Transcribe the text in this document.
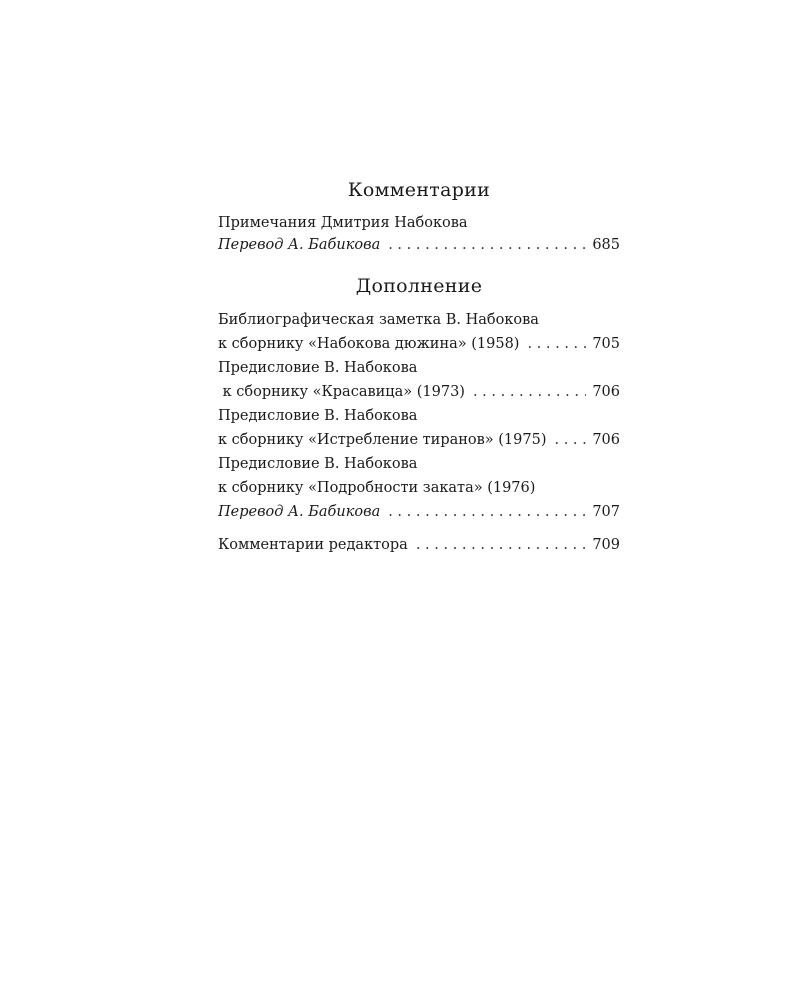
Комментарии
Примечания Дмитрия Набокова
Перевод А. Бабикова . . .	685
Дополнение
Библиографическая заметка В. Набокова
к сборнику «Набокова дюжина» (1958) . . .	705
Предисловие В. Набокова
к сборнику «Красавица» (1973) . . .	706
Предисловие В. Набокова
к сборнику «Истребление тиранов» (1975) . . .	706
Предисловие В. Набокова
к сборнику «Подробности заката» (1976)
Перевод А. Бабикова . . .	707
Комментарии редактора . . .	709
